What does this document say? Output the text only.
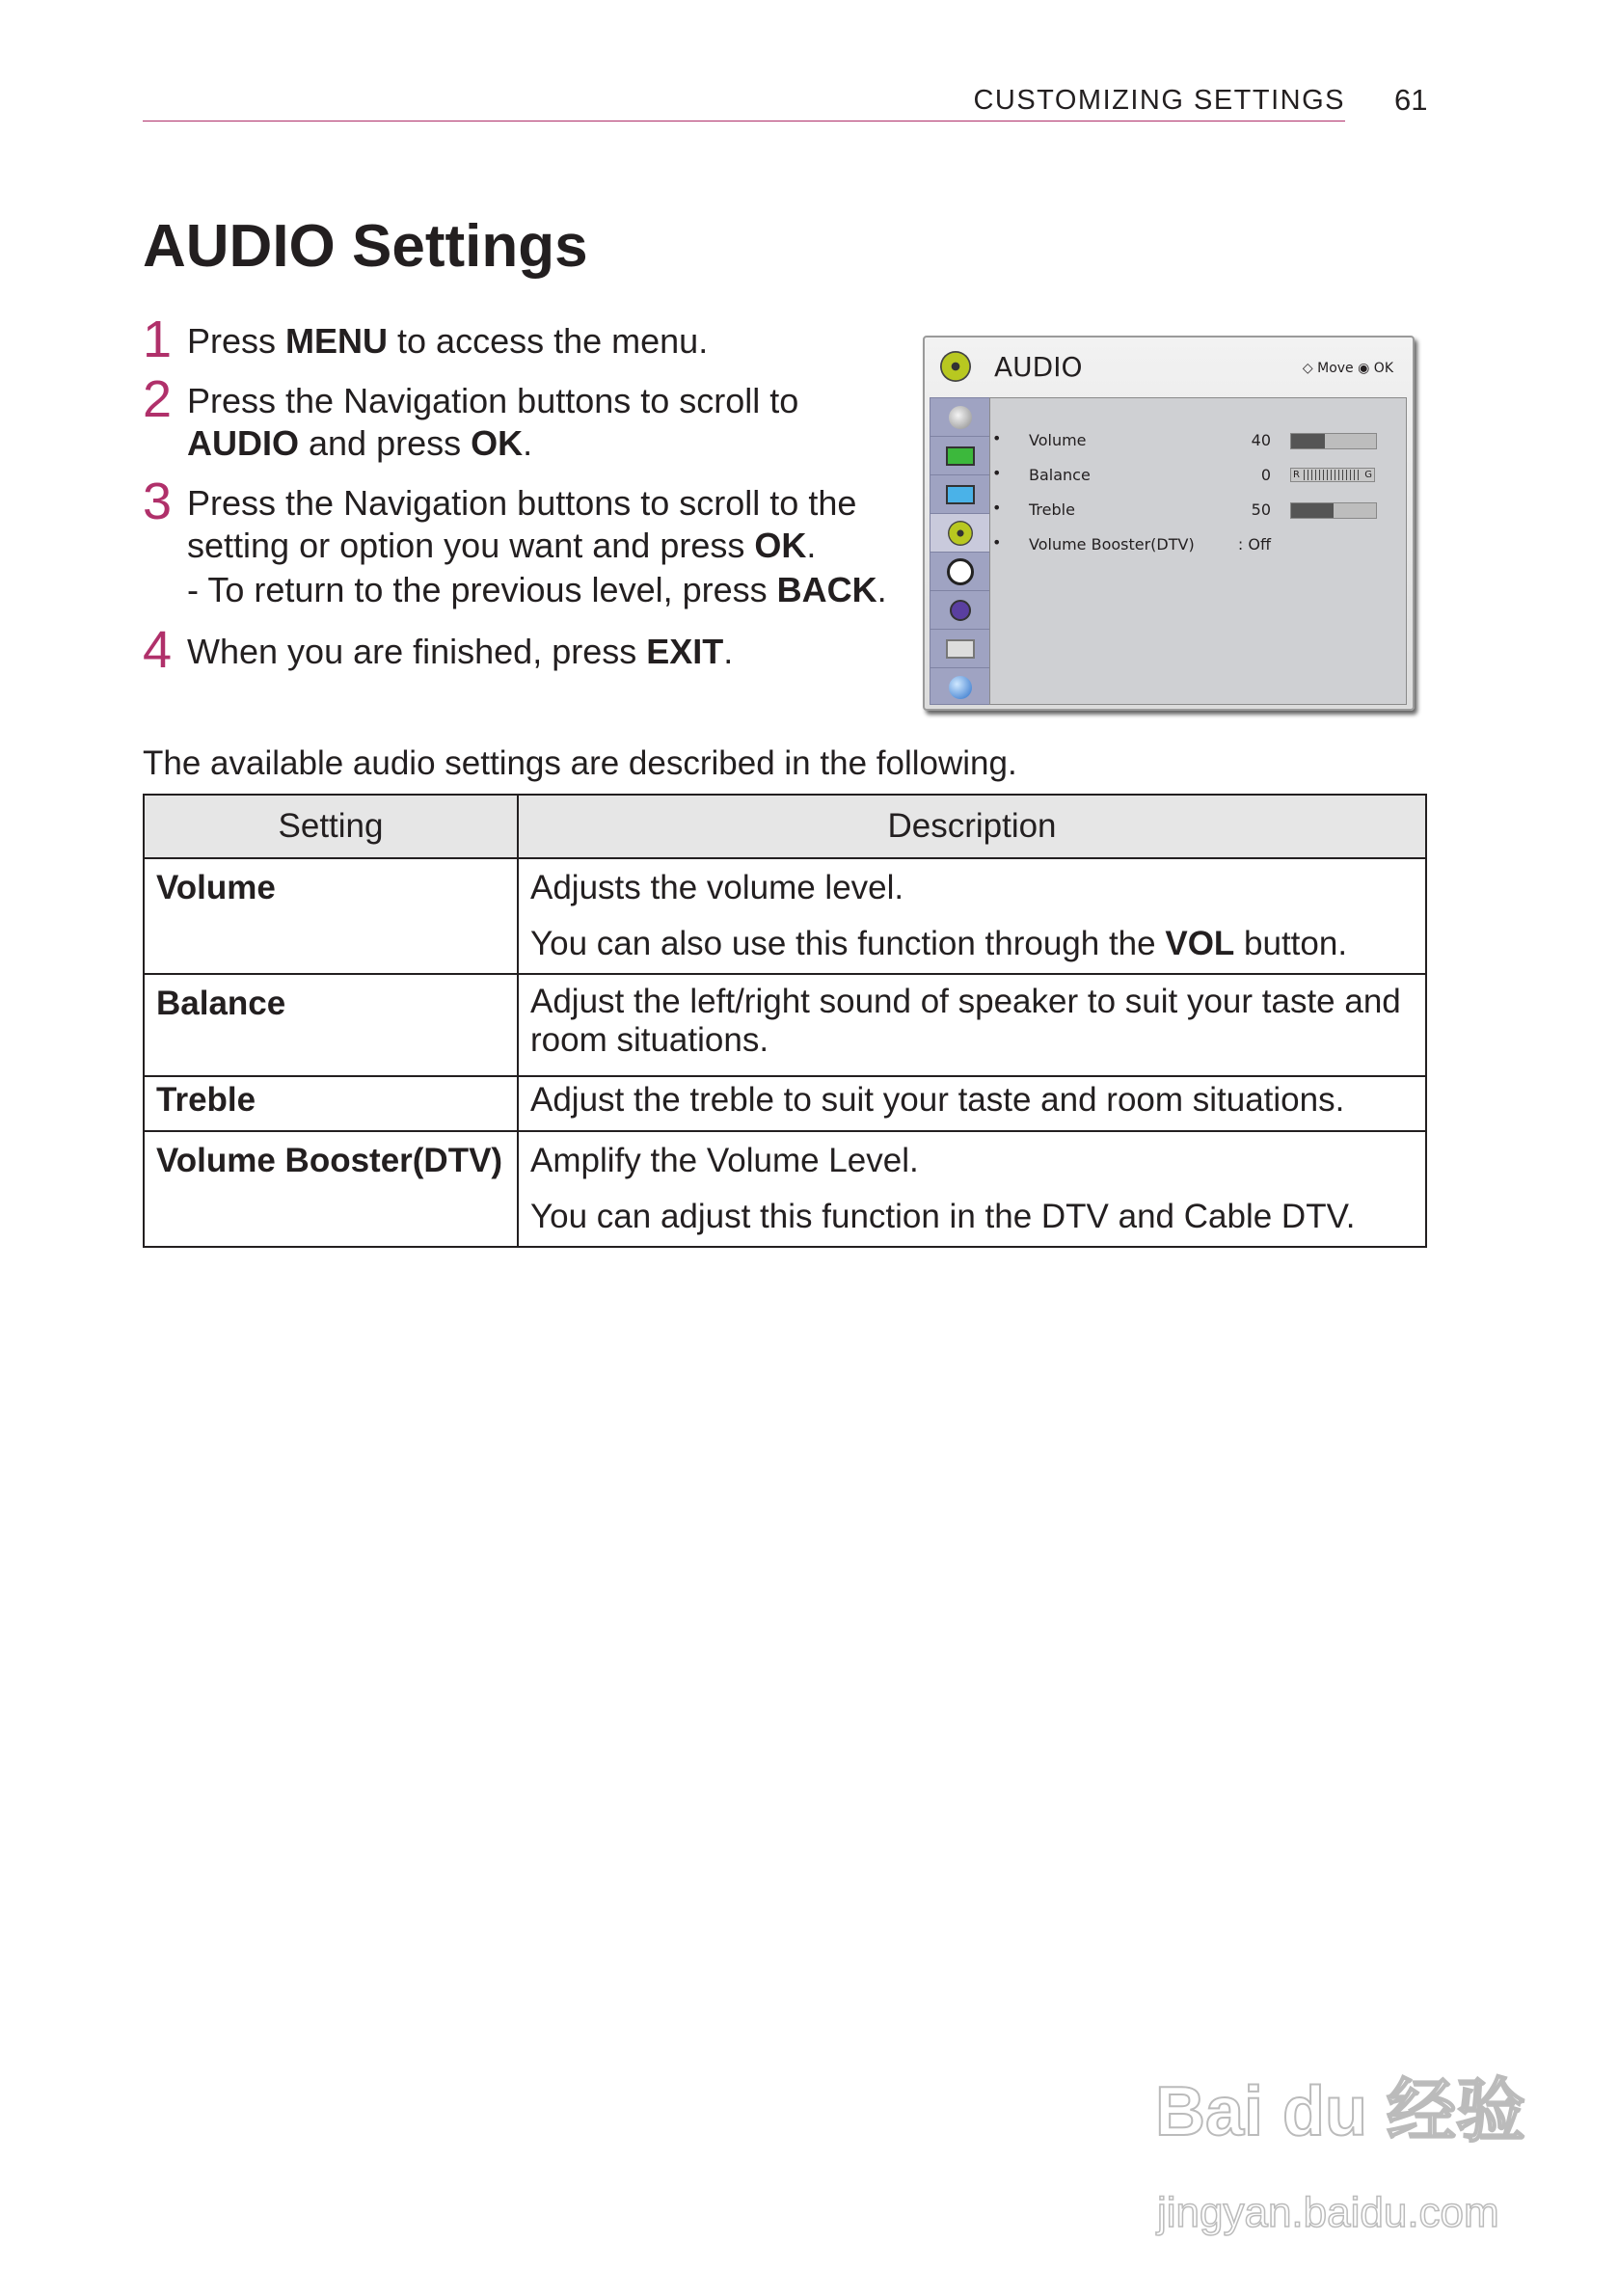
CUSTOMIZING SETTINGS 61
AUDIO Settings
1 Press MENU to access the menu.
2 Press the Navigation buttons to scroll to
AUDIO and press OK.
3 Press the Navigation buttons to scroll to the
setting or option you want and press OK.
- To return to the previous level, press BACK.
4 When you are finished, press EXIT.
AUDIO	◇ Move ◉ OK
• Volume	40
• Balance	0 R	G
• Treble	50
• Volume Booster(DTV)	: Off
The available audio settings are described in the following.
Setting	Description
Volume	Adjusts the volume level.

You can also use this function through the VOL button.

Balance	Adjust the left/right sound of speaker to suit your taste and room situations.

Treble	Adjust the treble to suit your taste and room situations.

Volume Booster(DTV)	Amplify the Volume Level.

You can adjust this function in the DTV and Cable DTV.

Bai du 经验
jingyan.baidu.com
